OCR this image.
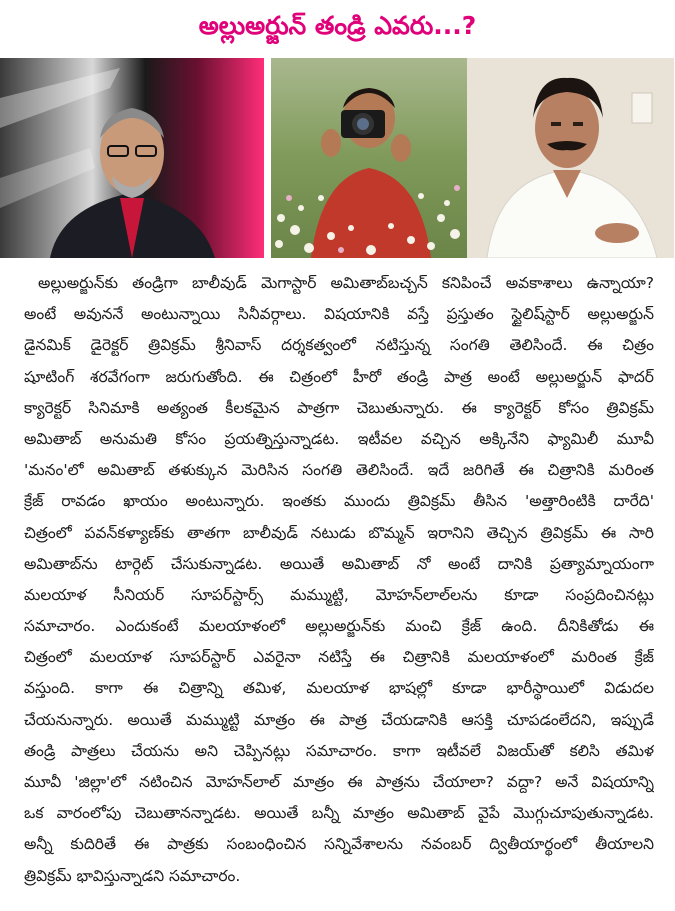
అల్లుఅర్జున్ తండ్రి ఎవరు...?
అల్లుఅర్జున్‌కు తండ్రిగా బాలీవుడ్ మెగాస్టార్ అమితాబ్‌బచ్చన్ కనిపించే అవకాశాలు ఉన్నాయా?
అంటే అవుననే అంటున్నాయి సినీవర్గాలు. విషయానికి వస్తే ప్రస్తుతం స్టైలిష్‌స్టార్ అల్లుఅర్జున్
డైనమిక్ డైరెక్టర్ త్రివిక్రమ్ శ్రీనివాస్ దర్శకత్వంలో నటిస్తున్న సంగతి తెలిసిందే. ఈ చిత్రం
షూటింగ్ శరవేగంగా జరుగుతోంది. ఈ చిత్రంలో హీరో తండ్రి పాత్ర అంటే అల్లుఅర్జున్ ఫాదర్
క్యారెక్టర్ సినిమాకి అత్యంత కీలకమైన పాత్రగా చెబుతున్నారు. ఈ క్యారెక్టర్ కోసం త్రివిక్రమ్
అమితాబ్ అనుమతి కోసం ప్రయత్నిస్తున్నాడట. ఇటీవల వచ్చిన అక్కినేని ఫ్యామిలీ మూవీ
'మనం'లో అమితాబ్ తళుక్కున మెరిసిన సంగతి తెలిసిందే. ఇదే జరిగితే ఈ చిత్రానికి మరింత
క్రేజ్ రావడం ఖాయం అంటున్నారు. ఇంతకు ముందు త్రివిక్రమ్ తీసిన 'అత్తారింటికి దారేది'
చిత్రంలో పవన్‌కళ్యాణ్‌కు తాతగా బాలీవుడ్ నటుడు బొమ్మన్ ఇరానిని తెచ్చిన త్రివిక్రమ్ ఈ సారి
అమితాబ్‌ను టార్గెట్ చేసుకున్నాడట. అయితే అమితాబ్ నో అంటే దానికి ప్రత్యామ్నాయంగా
మలయాళ సీనియర్ సూపర్‌స్టార్స్ మమ్ముట్టి, మోహన్‌లాల్‌లను కూడా సంప్రదించినట్లు
సమాచారం. ఎందుకంటే మలయాళంలో అల్లుఅర్జున్‌కు మంచి క్రేజ్ ఉంది. దీనికితోడు ఈ
చిత్రంలో మలయాళ సూపర్‌స్టార్ ఎవరైనా నటిస్తే ఈ చిత్రానికి మలయాళంలో మరింత క్రేజ్
వస్తుంది. కాగా ఈ చిత్రాన్ని తమిళ, మలయాళ భాషల్లో కూడా భారీస్థాయిలో విడుదల
చేయనున్నారు. అయితే మమ్ముట్టి మాత్రం ఈ పాత్ర చేయడానికి ఆసక్తి చూపడంలేదని, ఇప్పుడే
తండ్రి పాత్రలు చేయను అని చెప్పినట్లు సమాచారం. కాగా ఇటీవలే విజయ్‌తో కలిసి తమిళ
మూవీ 'జిల్లా'లో నటించిన మోహన్‌లాల్ మాత్రం ఈ పాత్రను చేయాలా? వద్దా? అనే విషయాన్ని
ఒక వారంలోపు చెబుతానన్నాడట. అయితే బన్నీ మాత్రం అమితాబ్ వైపే మొగ్గుచూపుతున్నాడట.
అన్నీ కుదిరితే ఈ పాత్రకు సంబంధించిన సన్నివేశాలను నవంబర్ ద్వితీయార్థంలో తీయాలని
త్రివిక్రమ్ భావిస్తున్నాడని సమాచారం.
